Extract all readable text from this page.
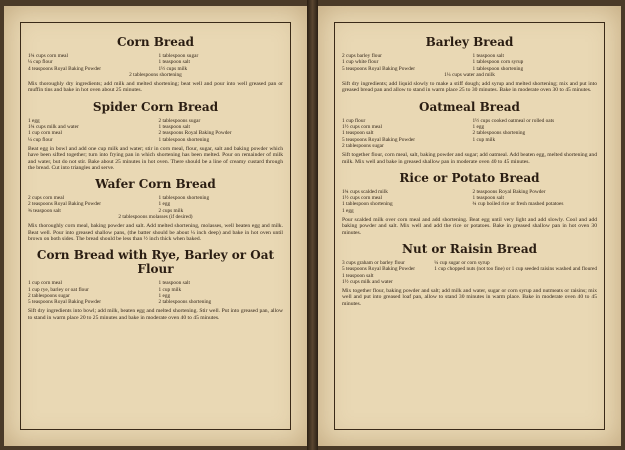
Corn Bread
1¾ cups corn meal
¼ cup flour
4 teaspoons Royal Baking Powder
1 tablespoon sugar
1 teaspoon salt
1½ cups milk
2 tablespoons shortening
Mix thoroughly dry ingredients; add milk and melted shortening; beat well and pour into well greased pan or muffin tins and bake in hot oven about 25 minutes.
Spider Corn Bread
1 egg
1¾ cups milk and water
1 cup corn meal
¼ cup flour
2 tablespoons sugar
1 teaspoon salt
2 teaspoons Royal Baking Powder
1 tablespoon shortening
Beat egg in bowl and add one cup milk and water; stir in corn meal, flour, sugar, salt and baking powder which have been sifted together; turn into frying pan in which shortening has been melted. Pour on remainder of milk and water, but do not stir. Bake about 25 minutes in hot oven. There should be a line of creamy custard through the bread. Cut into triangles and serve.
Wafer Corn Bread
2 cups corn meal
2 teaspoons Royal Baking Powder
¾ teaspoon salt
1 tablespoon shortening
1 egg
2 cups milk
2 tablespoons molasses (if desired)
Mix thoroughly corn meal, baking powder and salt. Add melted shortening, molasses, well beaten egg and milk. Beat well. Pour into greased shallow pans, (the batter should be about ¼ inch deep) and bake in hot oven until brown on both sides. The bread should be less than ½ inch thick when baked.
Corn Bread with Rye, Barley or Oat Flour
1 cup corn meal
1 cup rye, barley or oat flour
2 tablespoons sugar
5 teaspoons Royal Baking Powder
1 teaspoon salt
1 cup milk
1 egg
2 tablespoons shortening
Sift dry ingredients into bowl; add milk, beaten egg and melted shortening. Stir well. Put into greased pan, allow to stand in warm place 20 to 25 minutes and bake in moderate oven 40 to 45 minutes.
Barley Bread
2 cups barley flour
1 cup white flour
5 teaspoons Royal Baking Powder
1 teaspoon salt
1 tablespoon corn syrup
1 tablespoon shortening
1¼ cups water and milk
Sift dry ingredients; add liquid slowly to make a stiff dough; add syrup and melted shortening; mix and put into greased bread pan and allow to stand in warm place 25 to 30 minutes. Bake in moderate oven 30 to 45 minutes.
Oatmeal Bread
1 cup flour
1½ cups corn meal
1 teaspoon salt
5 teaspoons Royal Baking Powder
2 tablespoons sugar
1½ cups cooked oatmeal or rolled oats
1 egg
2 tablespoons shortening
1 cup milk
Sift together flour, corn meal, salt, baking powder and sugar; add oatmeal. Add beaten egg, melted shortening and milk. Mix well and bake in greased shallow pan in moderate oven 40 to 45 minutes.
Rice or Potato Bread
1¾ cups scalded milk
1½ cups corn meal
1 tablespoon shortening
1 egg
2 teaspoons Royal Baking Powder
1 teaspoon salt
¾ cup boiled rice or fresh mashed potatoes
Pour scalded milk over corn meal and add shortening. Beat egg until very light and add slowly. Cool and add baking powder and salt. Mix well and add the rice or potatoes. Bake in greased shallow pan in hot oven 30 minutes.
Nut or Raisin Bread
3 cups graham or barley flour
5 teaspoons Royal Baking Powder
1 teaspoon salt
1½ cups milk and water
¼ cup sugar or corn syrup
1 cup chopped nuts (not too fine) or 1 cup seeded raisins washed and floured
Mix together flour, baking powder and salt; add milk and water, sugar or corn syrup and nutmeats or raisins; mix well and put into greased loaf pan, allow to stand 30 minutes in warm place. Bake in moderate oven 40 to 45 minutes.
